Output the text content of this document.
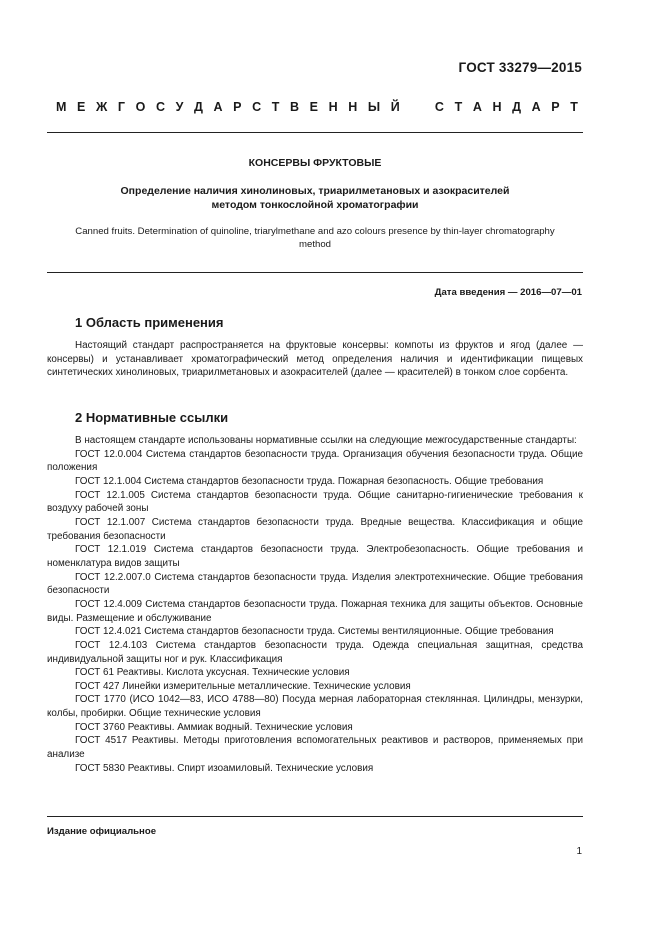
ГОСТ 33279—2015
М Е Ж Г О С У Д А Р С Т В Е Н Н Ы Й	С Т А Н Д А Р Т
КОНСЕРВЫ ФРУКТОВЫЕ
Определение наличия хинолиновых, триарилметановых и азокрасителей
методом тонкослойной хроматографии
Canned fruits. Determination of quinoline, triarylmethane and azo colours presence by thin-layer chromatography
method
Дата введения — 2016—07—01
1 Область применения
Настоящий стандарт распространяется на фруктовые консервы: компоты из фруктов и ягод (далее — консервы) и устанавливает хроматографический метод определения наличия и идентификации пищевых синтетических хинолиновых, триарилметановых и азокрасителей (далее — красителей) в тонком слое сорбента.
2 Нормативные ссылки

В настоящем стандарте использованы нормативные ссылки на следующие межгосударственные стандарты:

ГОСТ 12.0.004 Система стандартов безопасности труда. Организация обучения безопасности труда. Общие положения

ГОСТ 12.1.004 Система стандартов безопасности труда. Пожарная безопасность. Общие требования

ГОСТ 12.1.005 Система стандартов безопасности труда. Общие санитарно-гигиенические требования к воздуху рабочей зоны

ГОСТ 12.1.007 Система стандартов безопасности труда. Вредные вещества. Классификация и общие требования безопасности

ГОСТ 12.1.019 Система стандартов безопасности труда. Электробезопасность. Общие требования и номенклатура видов защиты

ГОСТ 12.2.007.0 Система стандартов безопасности труда. Изделия электротехнические. Общие требования безопасности

ГОСТ 12.4.009 Система стандартов безопасности труда. Пожарная техника для защиты объектов. Основные виды. Размещение и обслуживание

ГОСТ 12.4.021 Система стандартов безопасности труда. Системы вентиляционные. Общие требования

ГОСТ 12.4.103 Система стандартов безопасности труда. Одежда специальная защитная, средства индивидуальной защиты ног и рук. Классификация

ГОСТ 61 Реактивы. Кислота уксусная. Технические условия

ГОСТ 427 Линейки измерительные металлические. Технические условия

ГОСТ 1770 (ИСО 1042—83, ИСО 4788—80) Посуда мерная лабораторная стеклянная. Цилиндры, мензурки, колбы, пробирки. Общие технические условия

ГОСТ 3760 Реактивы. Аммиак водный. Технические условия

ГОСТ 4517 Реактивы. Методы приготовления вспомогательных реактивов и растворов, применяемых при анализе

ГОСТ 5830 Реактивы. Спирт изоамиловый. Технические условия

Издание официальное
1
